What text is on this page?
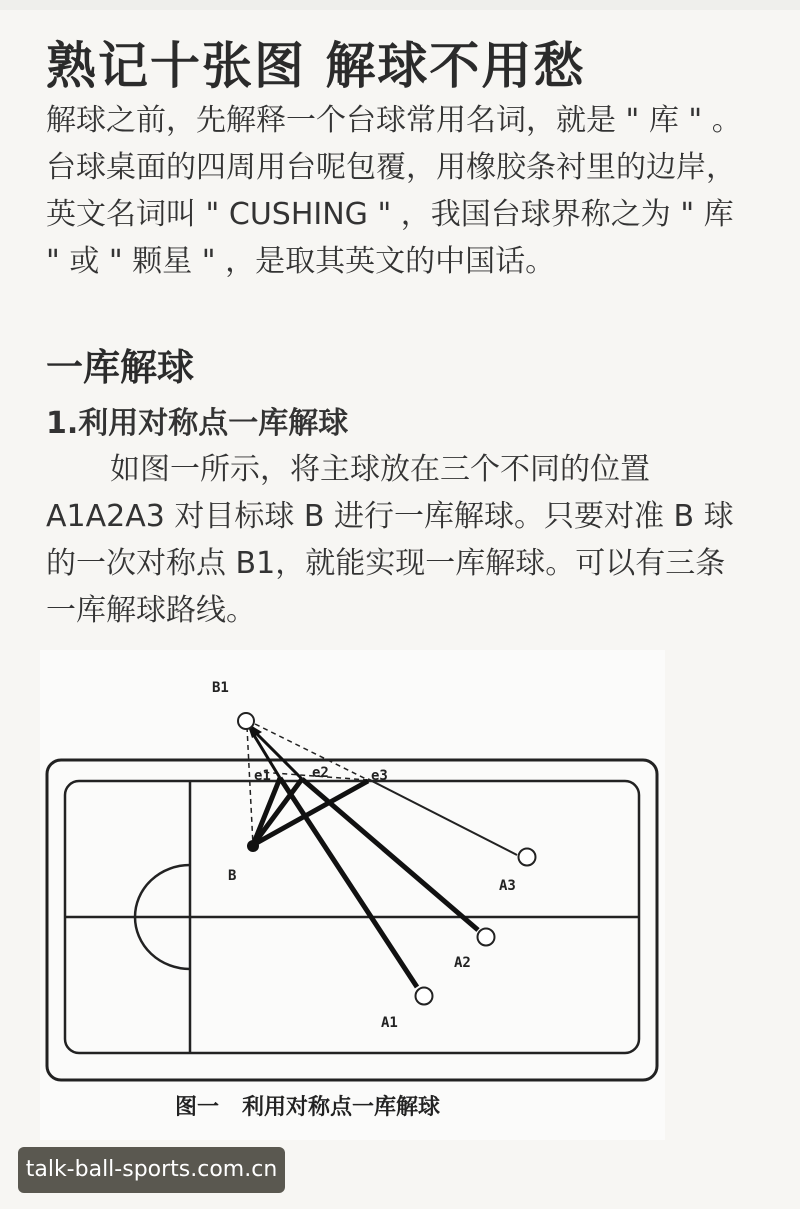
熟记十张图 解球不用愁

解球之前，先解释一个台球常用名词，就是 " 库 " 。台球桌面的四周用台呢包覆，用橡胶条衬里的边岸，英文名词叫 " CUSHING " ，我国台球界称之为 " 库 " 或 " 颗星 " ，是取其英文的中国话。

一库解球
1.利用对称点一库解球

如图一所示，将主球放在三个不同的位置 A1A2A3 对目标球 B 进行一库解球。只要对准 B 球的一次对称点 B1，就能实现一库解球。可以有三条一库解球路线。

B1
e1	e2	e3
B
A3
A2
A1

图一   利用对称点一库解球

talk-ball-sports.com.cn
